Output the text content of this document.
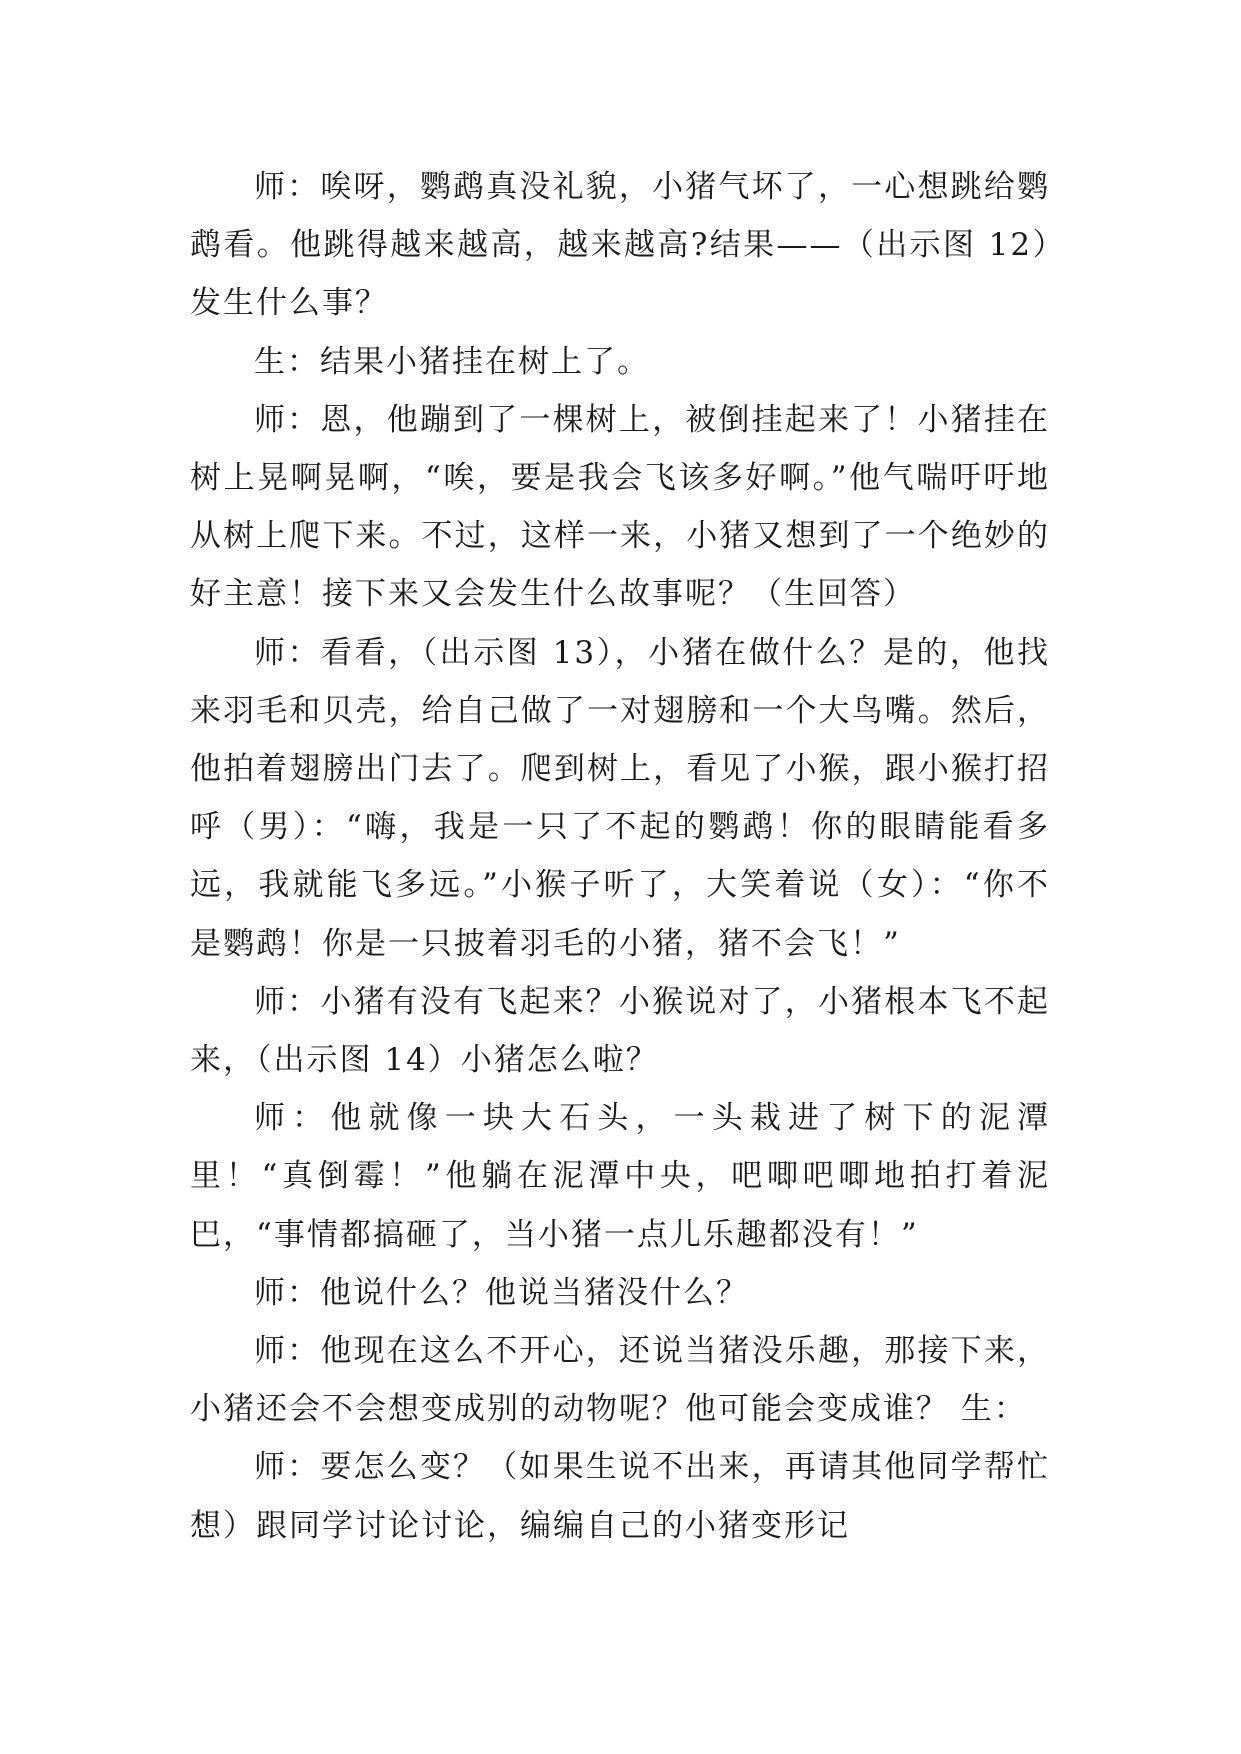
师：唉呀，鹦鹉真没礼貌，小猪气坏了，一心想跳给鹦鹉看。他跳得越来越高，越来越高?结果——（出示图 12）发生什么事？

生：结果小猪挂在树上了。

师：恩，他蹦到了一棵树上，被倒挂起来了！小猪挂在树上晃啊晃啊，“唉，要是我会飞该多好啊。”他气喘吁吁地从树上爬下来。不过，这样一来，小猪又想到了一个绝妙的好主意！接下来又会发生什么故事呢？（生回答）

师：看看，（出示图 13），小猪在做什么？是的，他找来羽毛和贝壳，给自己做了一对翅膀和一个大鸟嘴。然后，他拍着翅膀出门去了。爬到树上，看见了小猴，跟小猴打招呼（男）：“嗨，我是一只了不起的鹦鹉！你的眼睛能看多远，我就能飞多远。”小猴子听了，大笑着说（女）：“你不是鹦鹉！你是一只披着羽毛的小猪，猪不会飞！”

师：小猪有没有飞起来？小猴说对了，小猪根本飞不起来，（出示图 14）小猪怎么啦？

师：他就像一块大石头，一头栽进了树下的泥潭里！“真倒霉！”他躺在泥潭中央，吧唧吧唧地拍打着泥巴，“事情都搞砸了，当小猪一点儿乐趣都没有！”

师：他说什么？他说当猪没什么？

师：他现在这么不开心，还说当猪没乐趣，那接下来，小猪还会不会想变成别的动物呢？他可能会变成谁？ 生：

师：要怎么变？（如果生说不出来，再请其他同学帮忙想）跟同学讨论讨论，编编自己的小猪变形记
